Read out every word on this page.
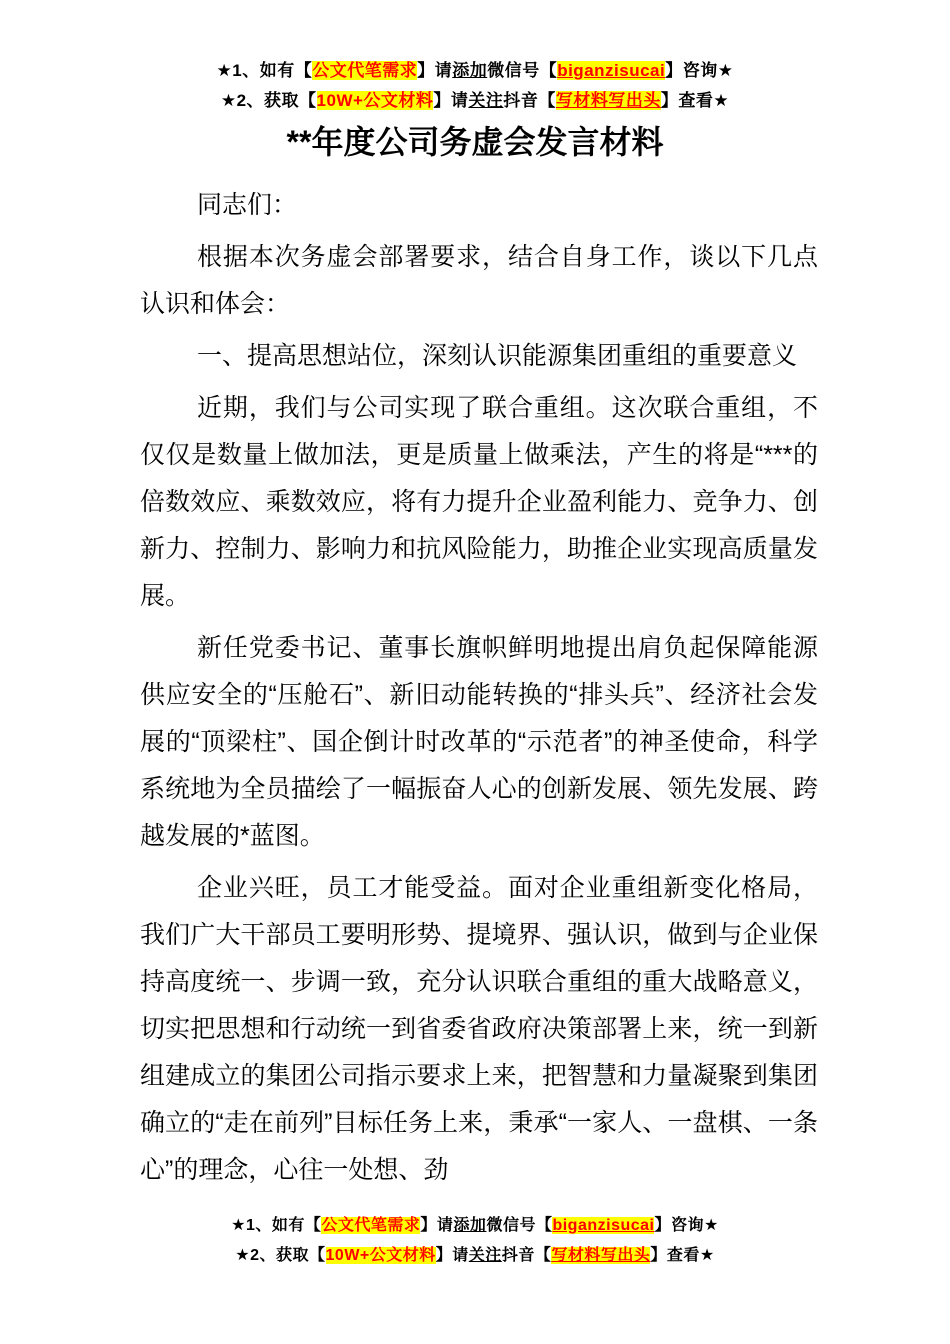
★1、如有【公文代笔需求】请添加微信号【biganzisucai】咨询★
★2、获取【10W+公文材料】请关注抖音【写材料写出头】查看★
**年度公司务虚会发言材料

同志们：

根据本次务虚会部署要求，结合自身工作，谈以下几点认识和体会：

一、提高思想站位，深刻认识能源集团重组的重要意义

近期，我们与公司实现了联合重组。这次联合重组，不仅仅是数量上做加法，更是质量上做乘法，产生的将是“***的倍数效应、乘数效应，将有力提升企业盈利能力、竞争力、创新力、控制力、影响力和抗风险能力，助推企业实现高质量发展。

新任党委书记、董事长旗帜鲜明地提出肩负起保障能源供应安全的“压舱石”、新旧动能转换的“排头兵”、经济社会发展的“顶梁柱”、国企倒计时改革的“示范者”的神圣使命，科学系统地为全员描绘了一幅振奋人心的创新发展、领先发展、跨越发展的*蓝图。

企业兴旺，员工才能受益。面对企业重组新变化格局，我们广大干部员工要明形势、提境界、强认识，做到与企业保持高度统一、步调一致，充分认识联合重组的重大战略意义，切实把思想和行动统一到省委省政府决策部署上来，统一到新组建成立的集团公司指示要求上来，把智慧和力量凝聚到集团确立的“走在前列”目标任务上来，秉承“一家人、一盘棋、一条心”的理念，心往一处想、劲

★1、如有【公文代笔需求】请添加微信号【biganzisucai】咨询★
★2、获取【10W+公文材料】请关注抖音【写材料写出头】查看★
